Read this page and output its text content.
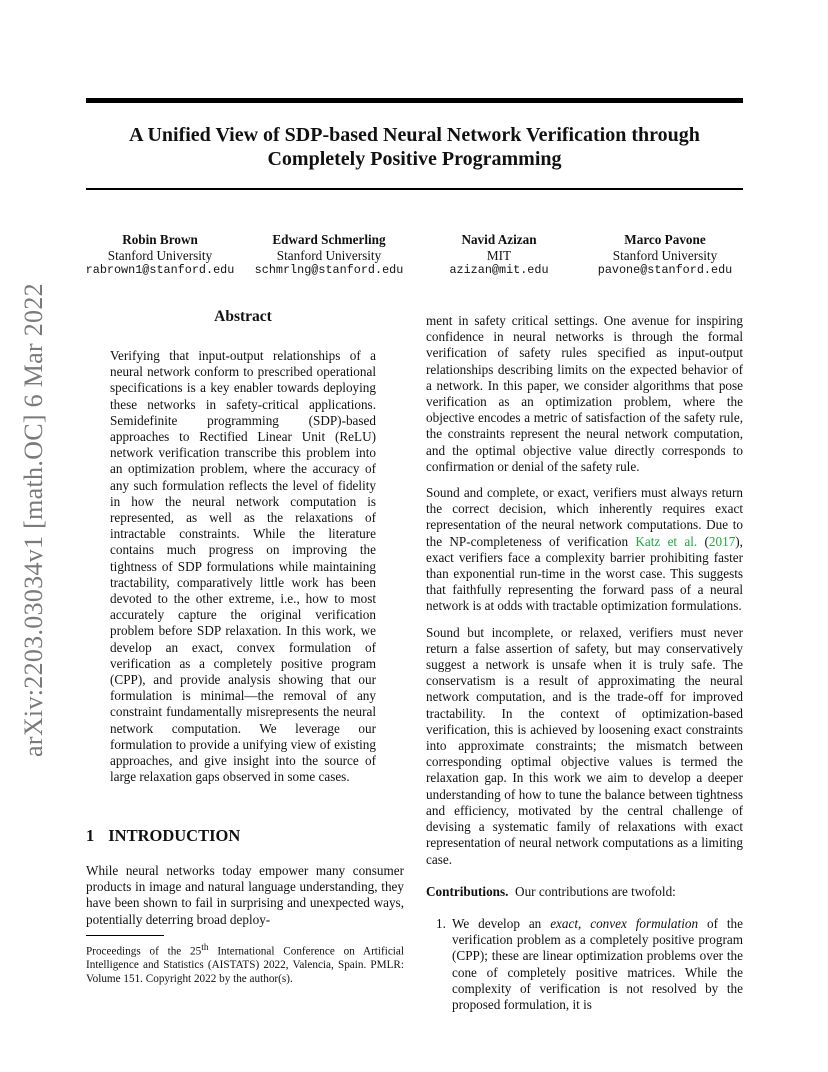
arXiv:2203.03034v1 [math.OC] 6 Mar 2022
A Unified View of SDP-based Neural Network Verification through
Completely Positive Programming
Robin Brown
Stanford University
rabrown1@stanford.edu
Edward Schmerling
Stanford University
schmrlng@stanford.edu
Navid Azizan
MIT
azizan@mit.edu
Marco Pavone
Stanford University
pavone@stanford.edu
Abstract

Verifying that input-output relationships of a neural network conform to prescribed operational specifications is a key enabler towards deploying these networks in safety-critical applications. Semidefinite programming (SDP)-based approaches to Rectified Linear Unit (ReLU) network verification transcribe this problem into an optimization problem, where the accuracy of any such formulation reflects the level of fidelity in how the neural network computation is represented, as well as the relaxations of intractable constraints. While the literature contains much progress on improving the tightness of SDP formulations while maintaining tractability, comparatively little work has been devoted to the other extreme, i.e., how to most accurately capture the original verification problem before SDP relaxation. In this work, we develop an exact, convex formulation of verification as a completely positive program (CPP), and provide analysis showing that our formulation is minimal—the removal of any constraint fundamentally misrepresents the neural network computation. We leverage our formulation to provide a unifying view of existing approaches, and give insight into the source of large relaxation gaps observed in some cases.

1 INTRODUCTION

While neural networks today empower many consumer products in image and natural language understanding, they have been shown to fail in surprising and unexpected ways, potentially deterring broad deploy-

Proceedings of the 25th International Conference on Artificial Intelligence and Statistics (AISTATS) 2022, Valencia, Spain. PMLR: Volume 151. Copyright 2022 by the author(s).

ment in safety critical settings. One avenue for inspiring confidence in neural networks is through the formal verification of safety rules specified as input-output relationships describing limits on the expected behavior of a network. In this paper, we consider algorithms that pose verification as an optimization problem, where the objective encodes a metric of satisfaction of the safety rule, the constraints represent the neural network computation, and the optimal objective value directly corresponds to confirmation or denial of the safety rule.

Sound and complete, or exact, verifiers must always return the correct decision, which inherently requires exact representation of the neural network computations. Due to the NP-completeness of verification Katz et al. (2017), exact verifiers face a complexity barrier prohibiting faster than exponential run-time in the worst case. This suggests that faithfully representing the forward pass of a neural network is at odds with tractable optimization formulations.

Sound but incomplete, or relaxed, verifiers must never return a false assertion of safety, but may conservatively suggest a network is unsafe when it is truly safe. The conservatism is a result of approximating the neural network computation, and is the trade-off for improved tractability. In the context of optimization-based verification, this is achieved by loosening exact constraints into approximate constraints; the mismatch between corresponding optimal objective values is termed the relaxation gap. In this work we aim to develop a deeper understanding of how to tune the balance between tightness and efficiency, motivated by the central challenge of devising a systematic family of relaxations with exact representation of neural network computations as a limiting case.

Contributions. Our contributions are twofold:

1. We develop an exact, convex formulation of the verification problem as a completely positive program (CPP); these are linear optimization problems over the cone of completely positive matrices. While the complexity of verification is not resolved by the proposed formulation, it is
